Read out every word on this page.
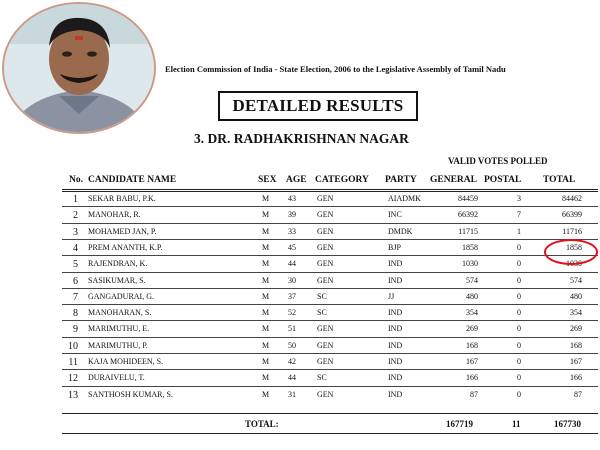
Election Commission of India - State Election, 2006 to the Legislative Assembly of Tamil Nadu
DETAILED RESULTS
3. DR. RADHAKRISHNAN NAGAR
VALID VOTES POLLED
No. CANDIDATE NAME	SEX AGE CATEGORY PARTY GENERAL POSTAL TOTAL
1 SEKAR BABU, P.K.	M 43	GEN	AIADMK	84459	3	84462
2 MANOHAR, R.	M 39	GEN	INC	66392	7	66399
3 MOHAMED JAN, P.	M 33	GEN	DMDK	11715	1	11716
4 PREM ANANTH, K.P.	M 45	GEN	BJP	1858	0	1858
5 RAJENDRAN, K.	M 44	GEN	IND	1030	0	1030
6 SASIKUMAR, S.	M 30	GEN	IND	574	0	574
7 GANGADURAI, G.	M 37	SC	JJ	480	0	480
8 MANOHARAN, S.	M 52	SC	IND	354	0	354
9 MARIMUTHU, E.	M 51	GEN	IND	269	0	269
10 MARIMUTHU, P.	M 50	GEN	IND	168	0	168
11 KAJA MOHIDEEN, S.	M 42	GEN	IND	167	0	167
12 DURAIVELU, T.	M 44	SC	IND	166	0	166
13 SANTHOSH KUMAR, S.	M 31	GEN	IND	87	0	87
TOTAL:	167719	11	167730
